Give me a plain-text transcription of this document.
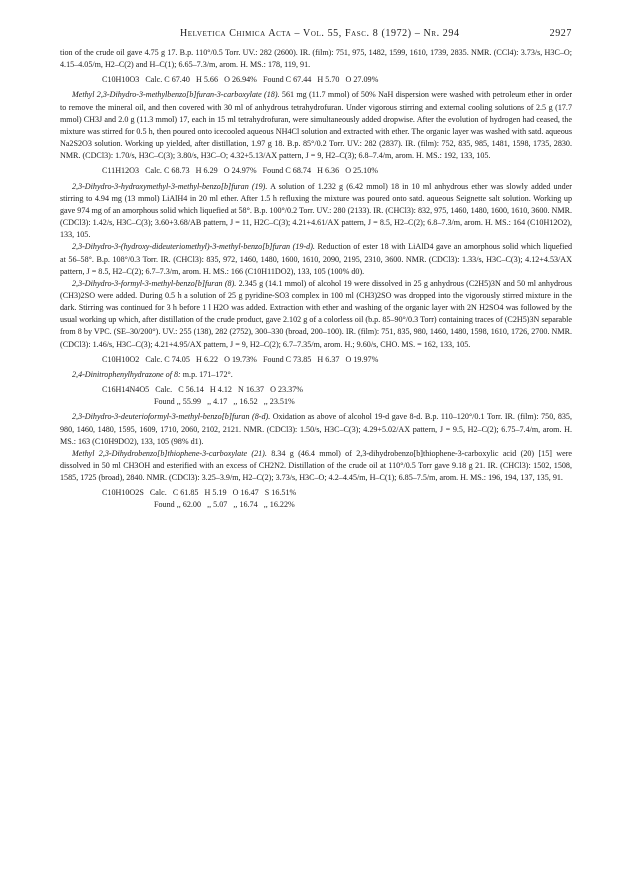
Helvetica Chimica Acta – Vol. 55, Fasc. 8 (1972) – Nr. 294	2927

tion of the crude oil gave 4.75 g 17. B.p. 110°/0.5 Torr. UV.: 282 (2600). IR. (film): 751, 975, 1482, 1599, 1610, 1739, 2835. NMR. (CCl4): 3.73/s, H3C–O; 4.15–4.05/m, H2–C(2) and H–C(1); 6.65–7.3/m, arom. H. MS.: 178, 119, 91.

C10H10O3   Calc. C 67.40   H 5.66   O 26.94%   Found C 67.44   H 5.70   O 27.09%

Methyl 2,3-Dihydro-3-methylbenzo[b]furan-3-carboxylate (18). 561 mg (11.7 mmol) of 50% NaH dispersion were washed with petroleum ether in order to remove the mineral oil, and then covered with 30 ml of anhydrous tetrahydrofuran. Under vigorous stirring and external cooling solutions of 2.5 g (17.7 mmol) CH3J and 2.0 g (11.3 mmol) 17, each in 15 ml tetrahydrofuran, were simultaneously added dropwise. After the evolution of hydrogen had ceased, the mixture was stirred for 0.5 h, then poured onto icecooled aqueous NH4Cl solution and extracted with ether. The organic layer was washed with satd. aqueous Na2S2O3 solution. Working up yielded, after distillation, 1.97 g 18. B.p. 85°/0.2 Torr. UV.: 282 (2837). IR. (film): 752, 835, 985, 1481, 1598, 1735, 2830. NMR. (CDCl3): 1.70/s, H3C–C(3); 3.80/s, H3C–O; 4.32+5.13/AX pattern, J = 9, H2–C(3); 6.8–7.4/m, arom. H. MS.: 192, 133, 105.

C11H12O3   Calc. C 68.73   H 6.29   O 24.97%   Found C 68.74   H 6.36   O 25.10%

2,3-Dihydro-3-hydroxymethyl-3-methyl-benzo[b]furan (19). A solution of 1.232 g (6.42 mmol) 18 in 10 ml anhydrous ether was slowly added under stirring to 4.94 mg (13 mmol) LiAlH4 in 20 ml ether. After 1.5 h refluxing the mixture was poured onto satd. aqueous Seignette salt solution. Working up gave 974 mg of an amorphous solid which liquefied at 58°. B.p. 100°/0.2 Torr. UV.: 280 (2133). IR. (CHCl3): 832, 975, 1460, 1480, 1600, 1610, 3600. NMR. (CDCl3): 1.42/s, H3C–C(3); 3.60+3.68/AB pattern, J = 11, H2C–C(3); 4.21+4.61/AX pattern, J = 8.5, H2–C(2); 6.8–7.3/m, arom. H. MS.: 164 (C10H12O2), 133, 105.

2,3-Dihydro-3-(hydroxy-dideuteriomethyl)-3-methyl-benzo[b]furan (19-d). Reduction of ester 18 with LiAlD4 gave an amorphous solid which liquefied at 56–58°. B.p. 108°/0.3 Torr. IR. (CHCl3): 835, 972, 1460, 1480, 1600, 1610, 2090, 2195, 2310, 3600. NMR. (CDCl3): 1.33/s, H3C–C(3); 4.12+4.53/AX pattern, J = 8.5, H2–C(2); 6.7–7.3/m, arom. H. MS.: 166 (C10H11DO2), 133, 105 (100% d0).

2,3-Dihydro-3-formyl-3-methyl-benzo[b]furan (8). 2.345 g (14.1 mmol) of alcohol 19 were dissolved in 25 g anhydrous (C2H5)3N and 50 ml anhydrous (CH3)2SO were added. During 0.5 h a solution of 25 g pyridine-SO3 complex in 100 ml (CH3)2SO was dropped into the vigorously stirred mixture in the dark. Stirring was continued for 3 h before 1 l H2O was added. Extraction with ether and washing of the organic layer with 2N H2SO4 was followed by the usual working up which, after distillation of the crude product, gave 2.102 g of a colorless oil (b.p. 85–90°/0.3 Torr) containing traces of (C2H5)3N separable from 8 by VPC. (SE–30/200°). UV.: 255 (138), 282 (2752), 300–330 (broad, 200–100). IR. (film): 751, 835, 980, 1460, 1480, 1598, 1610, 1726, 2700. NMR. (CDCl3): 1.46/s, H3C–C(3); 4.21+4.95/AX pattern, J = 9, H2–C(2); 6.7–7.35/m, arom. H.; 9.60/s, CHO. MS. = 162, 133, 105.

C10H10O2   Calc. C 74.05   H 6.22   O 19.73%   Found C 73.85   H 6.37   O 19.97%

2,4-Dinitrophenylhydrazone of 8: m.p. 171–172°.

C16H14N4O5   Calc.   C 56.14   H 4.12   N 16.37   O 23.37%
Found ,, 55.99   ,, 4.17   ,, 16.52   ,, 23.51%

2,3-Dihydro-3-deuterioformyl-3-methyl-benzo[b]furan (8-d). Oxidation as above of alcohol 19-d gave 8-d. B.p. 110–120°/0.1 Torr. IR. (film): 750, 835, 980, 1460, 1480, 1595, 1609, 1710, 2060, 2102, 2121. NMR. (CDCl3): 1.50/s, H3C–C(3); 4.29+5.02/AX pattern, J = 9.5, H2–C(2); 6.75–7.4/m, arom. H. MS.: 163 (C10H9DO2), 133, 105 (98% d1).

Methyl 2,3-Dihydrobenzo[b]thiophene-3-carboxylate (21). 8.34 g (46.4 mmol) of 2,3-dihydrobenzo[b]thiophene-3-carboxylic acid (20) [15] were dissolved in 50 ml CH3OH and esterified with an excess of CH2N2. Distillation of the crude oil at 110°/0.5 Torr gave 9.18 g 21. IR. (CHCl3): 1502, 1508, 1585, 1725 (broad), 2840. NMR. (CDCl3): 3.25–3.9/m, H2–C(2); 3.73/s, H3C–O; 4.2–4.45/m, H–C(1); 6.85–7.5/m, arom. H. MS.: 196, 194, 137, 135, 91.

C10H10O2S   Calc.   C 61.85   H 5.19   O 16.47   S 16.51%
Found ,, 62.00   ,, 5.07   ,, 16.74   ,, 16.22%
